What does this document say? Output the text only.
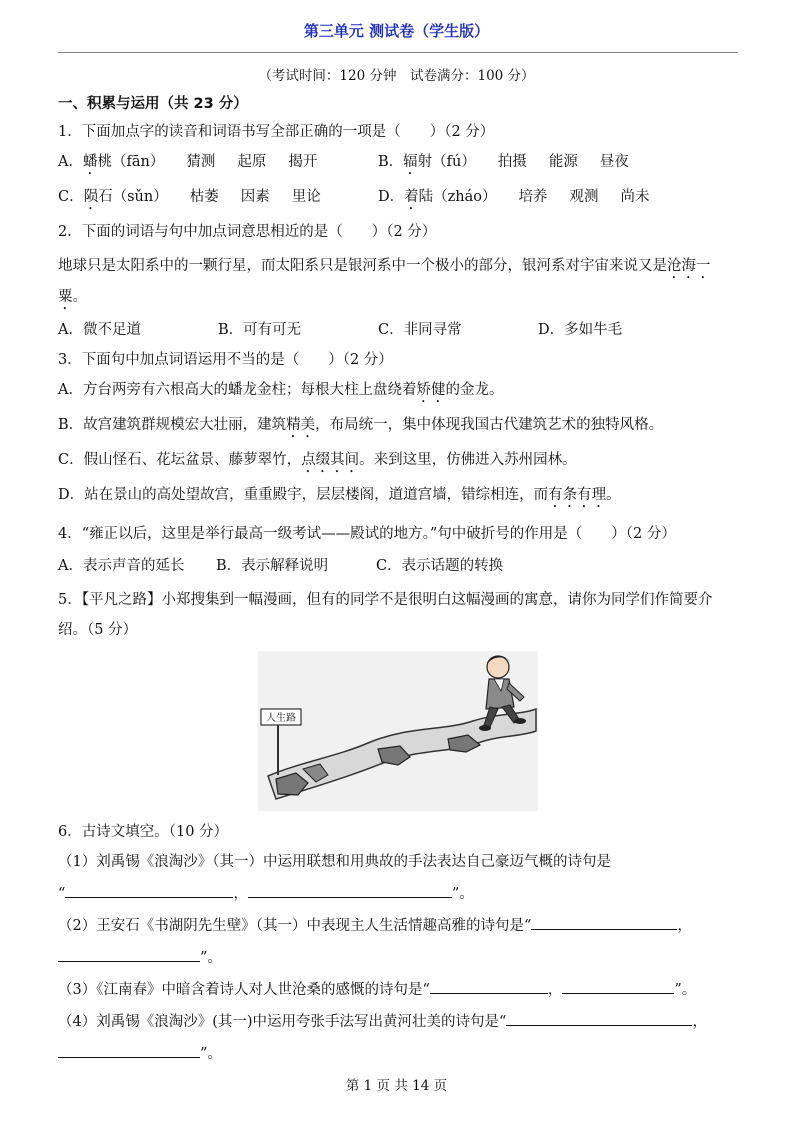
第三单元 测试卷（学生版）
（考试时间：120 分钟　试卷满分：100 分）
一、积累与运用（共 23 分）
1．下面加点字的读音和词语书写全部正确的一项是（　　）（2 分）
A．蟠桃（fān） 猜测 起原 揭开	B．辐射（fú） 拍摄 能源 昼夜
C．陨石（sǔn） 枯萎 因素 里论	D．着陆（zháo） 培养 观测 尚未
2．下面的词语与句中加点词意思相近的是（　　）（2 分）
地球只是太阳系中的一颗行星，而太阳系只是银河系中一个极小的部分，银河系对宇宙来说又是沧海一粟。
A．微不足道	B．可有可无	C．非同寻常	D．多如牛毛
3．下面句中加点词语运用不当的是（　　）（2 分）
A．方台两旁有六根高大的蟠龙金柱；每根大柱上盘绕着矫健的金龙。
B．故宫建筑群规模宏大壮丽，建筑精美，布局统一，集中体现我国古代建筑艺术的独特风格。
C．假山怪石、花坛盆景、藤萝翠竹，点缀其间。来到这里，仿佛进入苏州园林。
D．站在景山的高处望故宫，重重殿宇，层层楼阁，道道宫墙，错综相连，而有条有理。
4．“雍正以后，这里是举行最高一级考试——殿试的地方。”句中破折号的作用是（　　）（2 分）
A．表示声音的延长	B．表示解释说明	C．表示话题的转换
5．【平凡之路】小郑搜集到一幅漫画，但有的同学不是很明白这幅漫画的寓意，请你为同学们作简要介绍。（5 分）
人生路
6．古诗文填空。（10 分）
（1）刘禹锡《浪淘沙》（其一）中运用联想和用典故的手法表达自己豪迈气概的诗句是
“	，	”。
（2）王安石《书湖阴先生壁》（其一）中表现主人生活情趣高雅的诗句是“	，
”。
（3）《江南春》中暗含着诗人对人世沧桑的感慨的诗句是“	，	”。
（4）刘禹锡《浪淘沙》(其一)中运用夸张手法写出黄河壮美的诗句是“	，
”。
第 1 页 共 14 页
